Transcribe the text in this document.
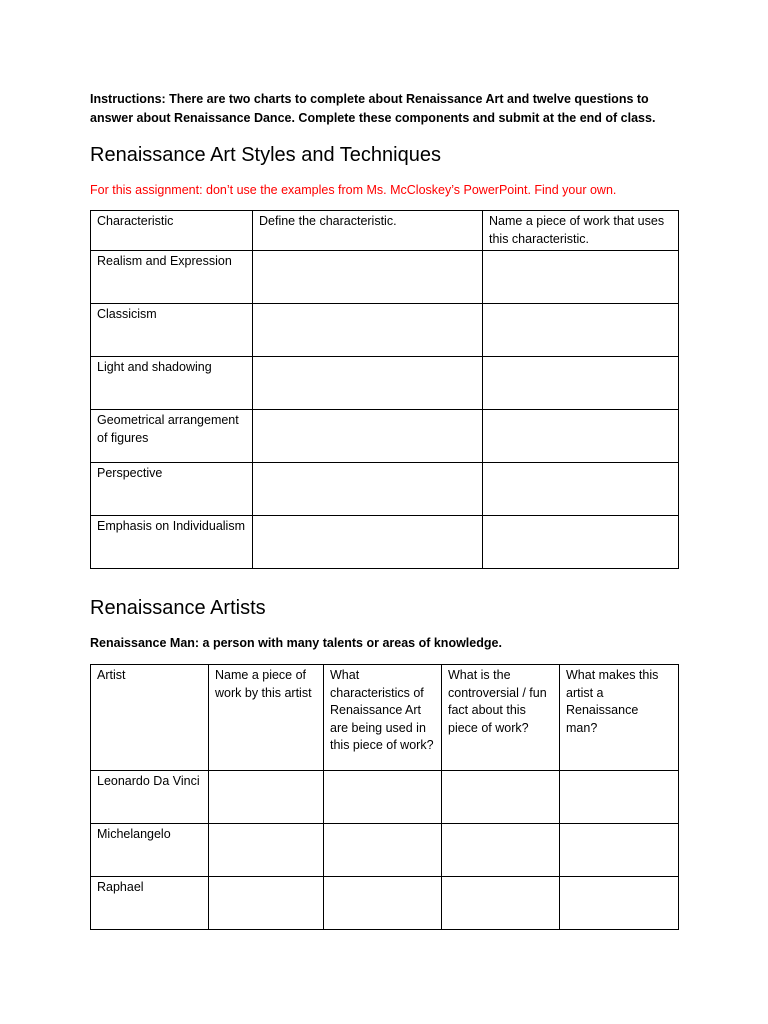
Instructions: There are two charts to complete about Renaissance Art and twelve questions to answer about Renaissance Dance. Complete these components and submit at the end of class.

Renaissance Art Styles and Techniques

For this assignment: don’t use the examples from Ms. McCloskey’s PowerPoint. Find your own.

Characteristic	Define the characteristic.	Name a piece of work that uses this characteristic.
Realism and Expression		
Classicism		
Light and shadowing		
Geometrical arrangement of figures		
Perspective		
Emphasis on Individualism		
Renaissance Artists

Renaissance Man: a person with many talents or areas of knowledge.

Artist	Name a piece of work by this artist	What characteristics of Renaissance Art are being used in this piece of work?	What is the controversial / fun fact about this piece of work?	What makes this artist a Renaissance man?
Leonardo Da Vinci				
Michelangelo				
Raphael				
